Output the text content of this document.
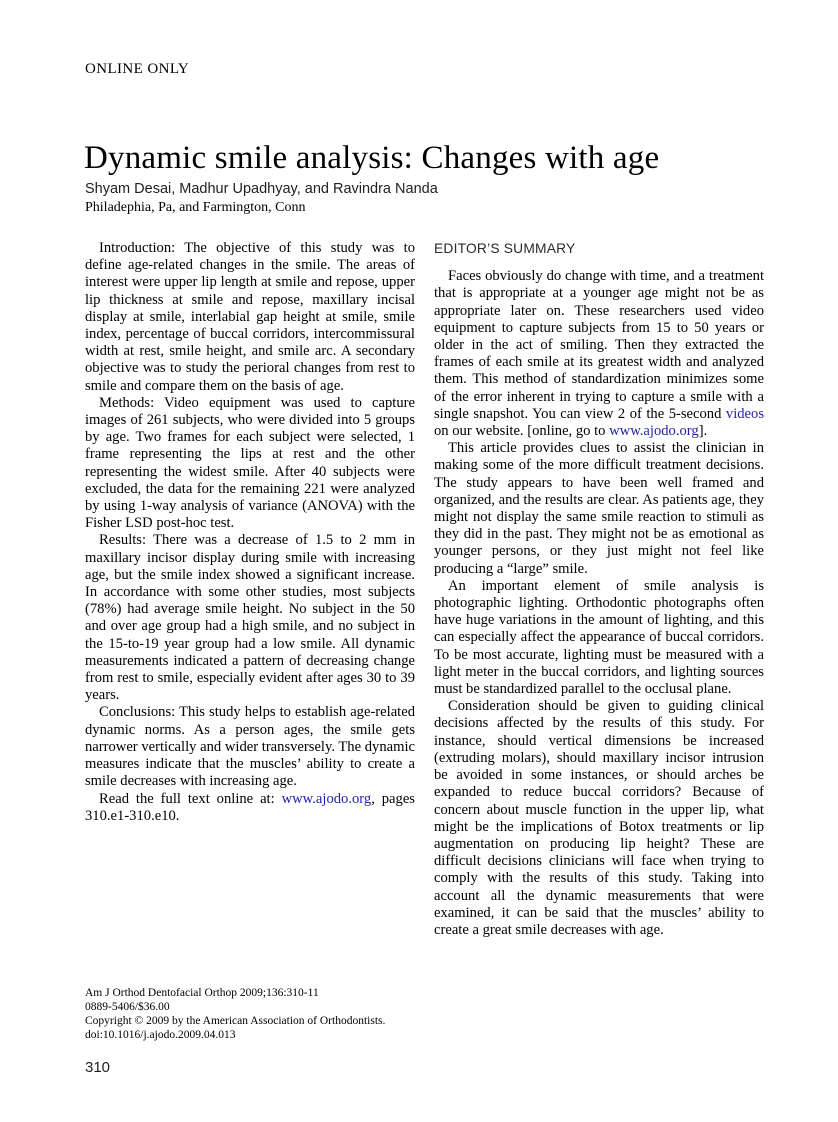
ONLINE ONLY
Dynamic smile analysis: Changes with age
Shyam Desai, Madhur Upadhyay, and Ravindra Nanda
Philadephia, Pa, and Farmington, Conn

Introduction: The objective of this study was to define age-related changes in the smile. The areas of interest were upper lip length at smile and repose, upper lip thickness at smile and repose, maxillary incisal display at smile, interlabial gap height at smile, smile index, percentage of buccal corridors, intercommissural width at rest, smile height, and smile arc. A secondary objective was to study the perioral changes from rest to smile and compare them on the basis of age.

Methods: Video equipment was used to capture images of 261 subjects, who were divided into 5 groups by age. Two frames for each subject were selected, 1 frame representing the lips at rest and the other representing the widest smile. After 40 subjects were excluded, the data for the remaining 221 were analyzed by using 1-way analysis of variance (ANOVA) with the Fisher LSD post-hoc test.

Results: There was a decrease of 1.5 to 2 mm in maxillary incisor display during smile with increasing age, but the smile index showed a significant increase. In accordance with some other studies, most subjects (78%) had average smile height. No subject in the 50 and over age group had a high smile, and no subject in the 15-to-19 year group had a low smile. All dynamic measurements indicated a pattern of decreasing change from rest to smile, especially evident after ages 30 to 39 years.

Conclusions: This study helps to establish age-related dynamic norms. As a person ages, the smile gets narrower vertically and wider transversely. The dynamic measures indicate that the muscles’ ability to create a smile decreases with increasing age.

Read the full text online at: www.ajodo.org, pages 310.e1-310.e10.

EDITOR’S SUMMARY

Faces obviously do change with time, and a treatment that is appropriate at a younger age might not be as appropriate later on. These researchers used video equipment to capture subjects from 15 to 50 years or older in the act of smiling. Then they extracted the frames of each smile at its greatest width and analyzed them. This method of standardization minimizes some of the error inherent in trying to capture a smile with a single snapshot. You can view 2 of the 5-second videos on our website. [online, go to www.ajodo.org].

This article provides clues to assist the clinician in making some of the more difficult treatment decisions. The study appears to have been well framed and organized, and the results are clear. As patients age, they might not display the same smile reaction to stimuli as they did in the past. They might not be as emotional as younger persons, or they just might not feel like producing a “large” smile.

An important element of smile analysis is photographic lighting. Orthodontic photographs often have huge variations in the amount of lighting, and this can especially affect the appearance of buccal corridors. To be most accurate, lighting must be measured with a light meter in the buccal corridors, and lighting sources must be standardized parallel to the occlusal plane.

Consideration should be given to guiding clinical decisions affected by the results of this study. For instance, should vertical dimensions be increased (extruding molars), should maxillary incisor intrusion be avoided in some instances, or should arches be expanded to reduce buccal corridors? Because of concern about muscle function in the upper lip, what might be the implications of Botox treatments or lip augmentation on producing lip height? These are difficult decisions clinicians will face when trying to comply with the results of this study. Taking into account all the dynamic measurements that were examined, it can be said that the muscles’ ability to create a great smile decreases with age.

Am J Orthod Dentofacial Orthop 2009;136:310-11
0889-5406/$36.00
Copyright © 2009 by the American Association of Orthodontists.
doi:10.1016/j.ajodo.2009.04.013
310
